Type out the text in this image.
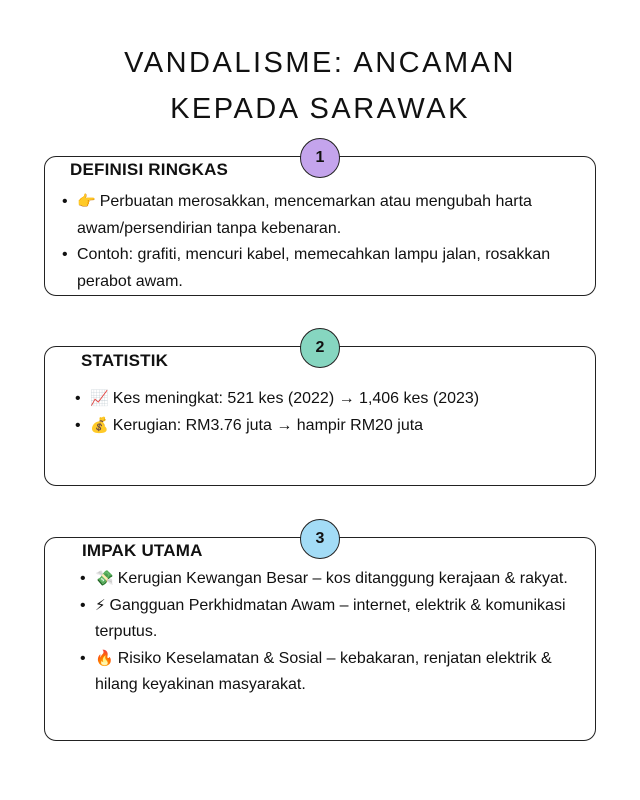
VANDALISME: ANCAMAN
KEPADA SARAWAK
1
DEFINISI RINGKAS
• 👉 Perbuatan merosakkan, mencemarkan atau mengubah harta awam/persendirian tanpa kebenaran.
• Contoh: grafiti, mencuri kabel, memecahkan lampu jalan, rosakkan perabot awam.
2
STATISTIK
• 📈 Kes meningkat: 521 kes (2022) → 1,406 kes (2023)
• 💰 Kerugian: RM3.76 juta → hampir RM20 juta
3
IMPAK UTAMA
• 💸 Kerugian Kewangan Besar – kos ditanggung kerajaan & rakyat.
• ⚡ Gangguan Perkhidmatan Awam – internet, elektrik & komunikasi terputus.
• 🔥 Risiko Keselamatan & Sosial – kebakaran, renjatan elektrik & hilang keyakinan masyarakat.
